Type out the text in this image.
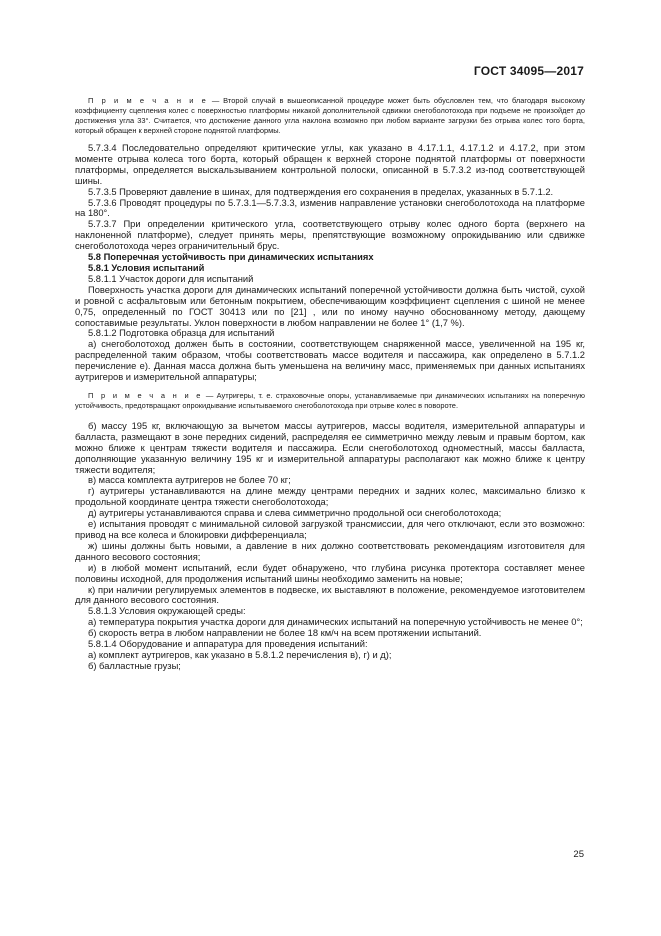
ГОСТ 34095—2017

П р и м е ч а н и е — Второй случай в вышеописанной процедуре может быть обусловлен тем, что благодаря высокому коэффициенту сцепления колес с поверхностью платформы никакой дополнительной сдвижки снегоболотохода при подъеме не произойдет до достижения угла 33°. Считается, что достижение данного угла наклона возможно при любом варианте загрузки без отрыва колес того борта, который обращен к верхней стороне поднятой платформы.

5.7.3.4 Последовательно определяют критические углы, как указано в 4.17.1.1, 4.17.1.2 и 4.17.2, при этом моменте отрыва колеса того борта, который обращен к верхней стороне поднятой платформы от поверхности платформы, определяется выскальзыванием контрольной полоски, описанной в 5.7.3.2 из-под соответствующей шины.

5.7.3.5 Проверяют давление в шинах, для подтверждения его сохранения в пределах, указанных в 5.7.1.2.

5.7.3.6 Проводят процедуры по 5.7.3.1—5.7.3.3, изменив направление установки снегоболотохода на платформе на 180°.

5.7.3.7 При определении критического угла, соответствующего отрыву колес одного борта (верхнего на наклоненной платформе), следует принять меры, препятствующие возможному опрокидыванию или сдвижке снегоболотохода через ограничительный брус.

5.8 Поперечная устойчивость при динамических испытаниях

5.8.1 Условия испытаний

5.8.1.1 Участок дороги для испытаний

Поверхность участка дороги для динамических испытаний поперечной устойчивости должна быть чистой, сухой и ровной с асфальтовым или бетонным покрытием, обеспечивающим коэффициент сцепления с шиной не менее 0,75, определенный по ГОСТ 30413 или по [21] , или по иному научно обоснованному методу, дающему сопоставимые результаты. Уклон поверхности в любом направлении не более 1° (1,7 %).

5.8.1.2 Подготовка образца для испытаний

а) снегоболотоход должен быть в состоянии, соответствующем снаряженной массе, увеличенной на 195 кг, распределенной таким образом, чтобы соответствовать массе водителя и пассажира, как определено в 5.7.1.2 перечисление е). Данная масса должна быть уменьшена на величину масс, применяемых при данных испытаниях аутригеров и измерительной аппаратуры;

П р и м е ч а н и е — Аутригеры, т. е. страховочные опоры, устанавливаемые при динамических испытаниях на поперечную устойчивость, предотвращают опрокидывание испытываемого снегоболотохода при отрыве колес в повороте.

б) массу 195 кг, включающую за вычетом массы аутригеров, массы водителя, измерительной аппаратуры и балласта, размещают в зоне передних сидений, распределяя ее симметрично между левым и правым бортом, как можно ближе к центрам тяжести водителя и пассажира. Если снегоболотоход одноместный, массы балласта, дополняющие указанную величину 195 кг и измерительной аппаратуры располагают как можно ближе к центру тяжести водителя;

в) масса комплекта аутригеров не более 70 кг;

г) аутригеры устанавливаются на длине между центрами передних и задних колес, максимально близко к продольной координате центра тяжести снегоболотохода;

д) аутригеры устанавливаются справа и слева симметрично продольной оси снегоболотохода;

е) испытания проводят с минимальной силовой загрузкой трансмиссии, для чего отключают, если это возможно: привод на все колеса и блокировки дифференциала;

ж) шины должны быть новыми, а давление в них должно соответствовать рекомендациям изготовителя для данного весового состояния;

и) в любой момент испытаний, если будет обнаружено, что глубина рисунка протектора составляет менее половины исходной, для продолжения испытаний шины необходимо заменить на новые;

к) при наличии регулируемых элементов в подвеске, их выставляют в положение, рекомендуемое изготовителем для данного весового состояния.

5.8.1.3 Условия окружающей среды:

а) температура покрытия участка дороги для динамических испытаний на поперечную устойчивость не менее 0°;

б) скорость ветра в любом направлении не более 18 км/ч на всем протяжении испытаний.

5.8.1.4 Оборудование и аппаратура для проведения испытаний:

а) комплект аутригеров, как указано в 5.8.1.2 перечисления в), г) и д);

б) балластные грузы;

25
